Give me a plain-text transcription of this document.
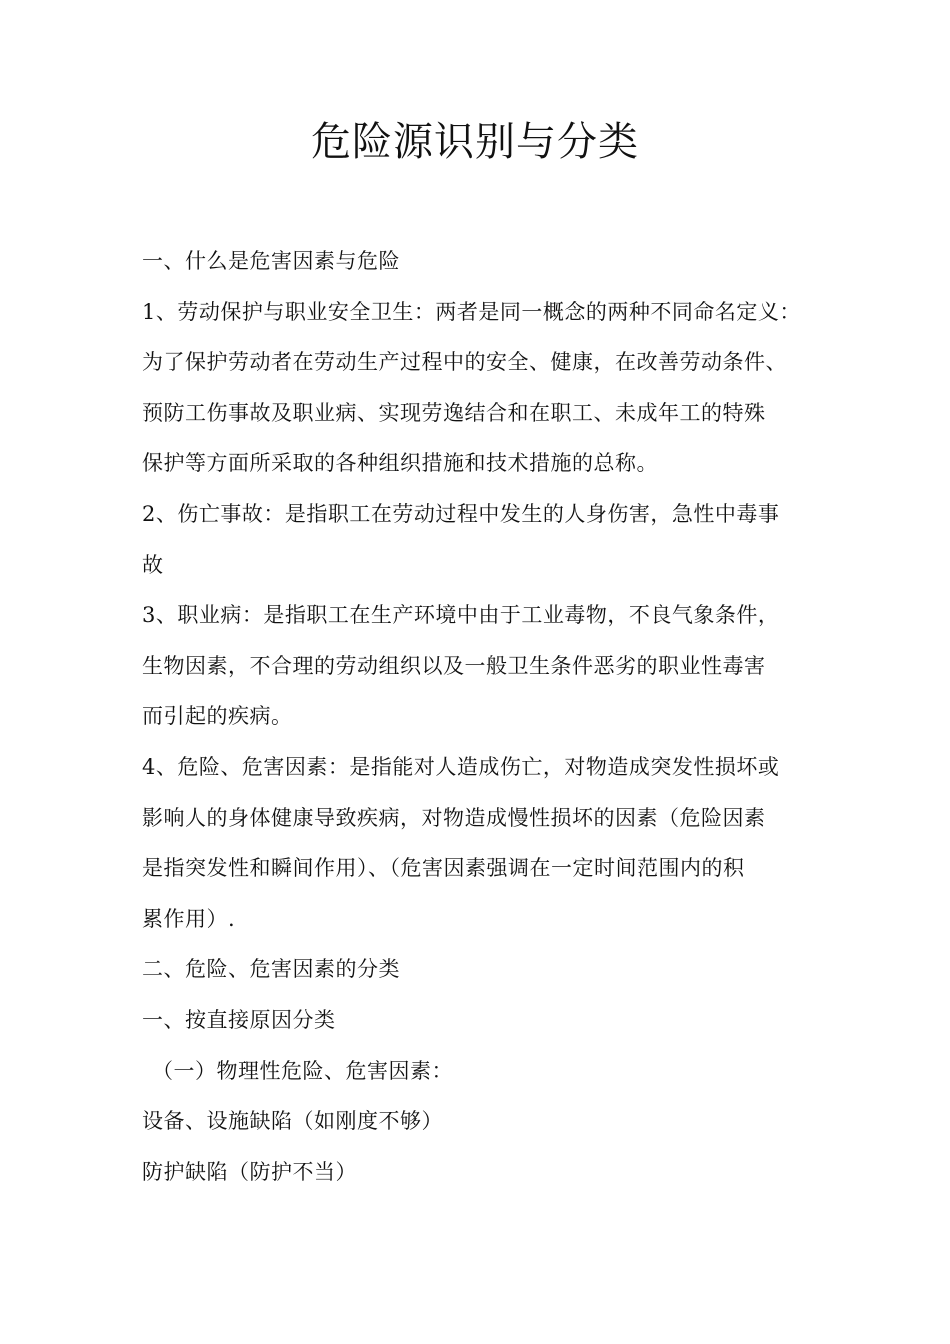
危险源识别与分类
一、什么是危害因素与危险
1、劳动保护与职业安全卫生：两者是同一概念的两种不同命名定义：
为了保护劳动者在劳动生产过程中的安全、健康，在改善劳动条件、
预防工伤事故及职业病、实现劳逸结合和在职工、未成年工的特殊
保护等方面所采取的各种组织措施和技术措施的总称。
2、伤亡事故：是指职工在劳动过程中发生的人身伤害，急性中毒事
故
3、职业病：是指职工在生产环境中由于工业毒物，不良气象条件，
生物因素，不合理的劳动组织以及一般卫生条件恶劣的职业性毒害
而引起的疾病。
4、危险、危害因素：是指能对人造成伤亡，对物造成突发性损坏或
影响人的身体健康导致疾病，对物造成慢性损坏的因素（危险因素
是指突发性和瞬间作用）、（危害因素强调在一定时间范围内的积
累作用）.
二、危险、危害因素的分类
一、按直接原因分类
（一）物理性危险、危害因素：
设备、设施缺陷（如刚度不够）
防护缺陷（防护不当）
